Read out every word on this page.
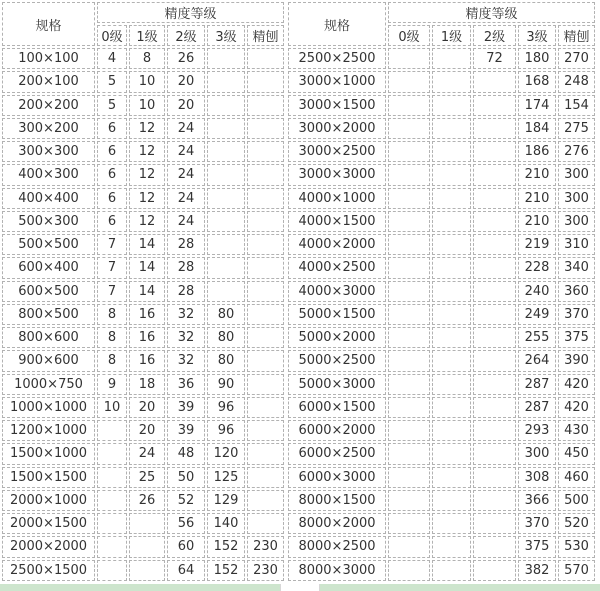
规格	精度等级				
	0级	1级	2级	3级	精刨
100×100	4	8	26		
200×100	5	10	20		
200×200	5	10	20		
300×200	6	12	24		
300×300	6	12	24		
400×300	6	12	24		
400×400	6	12	24		
500×300	6	12	24		
500×500	7	14	28		
600×400	7	14	28		
600×500	7	14	28		
800×500	8	16	32	80	
800×600	8	16	32	80	
900×600	8	16	32	80	
1000×750	9	18	36	90	
1000×1000	10	20	39	96	
1200×1000		20	39	96	
1500×1000		24	48	120	
1500×1500		25	50	125	
2000×1000		26	52	129	
2000×1500			56	140	
2000×2000			60	152	230
2500×1500			64	152	230
规格	精度等级				
	0级	1级	2级	3级	精刨
2500×2500			72	180	270
3000×1000				168	248
3000×1500				174	154
3000×2000				184	275
3000×2500				186	276
3000×3000				210	300
4000×1000				210	300
4000×1500				210	300
4000×2000				219	310
4000×2500				228	340
4000×3000				240	360
5000×1500				249	370
5000×2000				255	375
5000×2500				264	390
5000×3000				287	420
6000×1500				287	420
6000×2000				293	430
6000×2500				300	450
6000×3000				308	460
8000×1500				366	500
8000×2000				370	520
8000×2500				375	530
8000×3000				382	570
